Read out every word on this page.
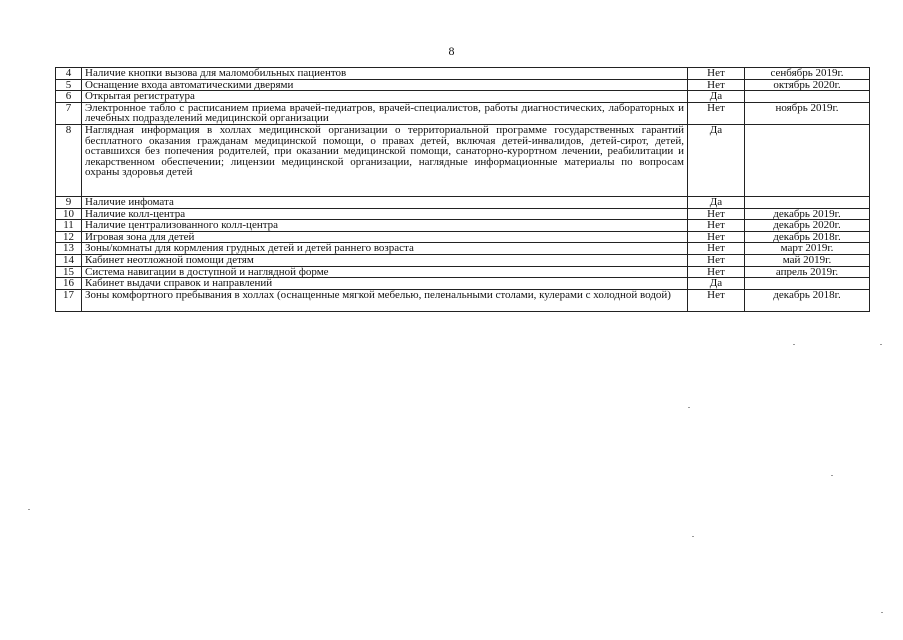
8
4	Наличие кнопки вызова для маломобильных пациентов	Нет	сенбябрь 2019г.
5	Оснащение входа автоматическими дверями	Нет	октябрь 2020г.
6	Открытая регистратура	Да	
7	Электронное табло с расписанием приема врачей-педиатров, врачей-специалистов, работы диагностических, лабораторных и лечебных подразделений медицинской организации	Нет	ноябрь 2019г.
8	Наглядная информация в холлах медицинской организации о территориальной программе государственных гарантий бесплатного оказания гражданам медицинской помощи, о правах детей, включая детей-инвалидов, детей-сирот, детей, оставшихся без попечения родителей, при оказании медицинской помощи, санаторно-курортном лечении, реабилитации и лекарственном обеспечении; лицензии медицинской организации, наглядные информационные материалы по вопросам охраны здоровья детей	Да	
9	Наличие инфомата	Да	
10	Наличие колл-центра	Нет	декабрь 2019г.
11	Наличие централизованного колл-центра	Нет	декабрь 2020г.
12	Игровая зона для детей	Нет	декабрь 2018г.
13	Зоны/комнаты для кормления грудных детей и детей раннего возраста	Нет	март 2019г.
14	Кабинет неотложной помощи детям	Нет	май 2019г.
15	Система навигации в доступной и наглядной форме	Нет	апрель 2019г.
16	Кабинет выдачи справок и направлений	Да	
17	Зоны комфортного пребывания в холлах (оснащенные мягкой мебелью, пеленальными столами, кулерами с холодной водой)	Нет	декабрь 2018г.
